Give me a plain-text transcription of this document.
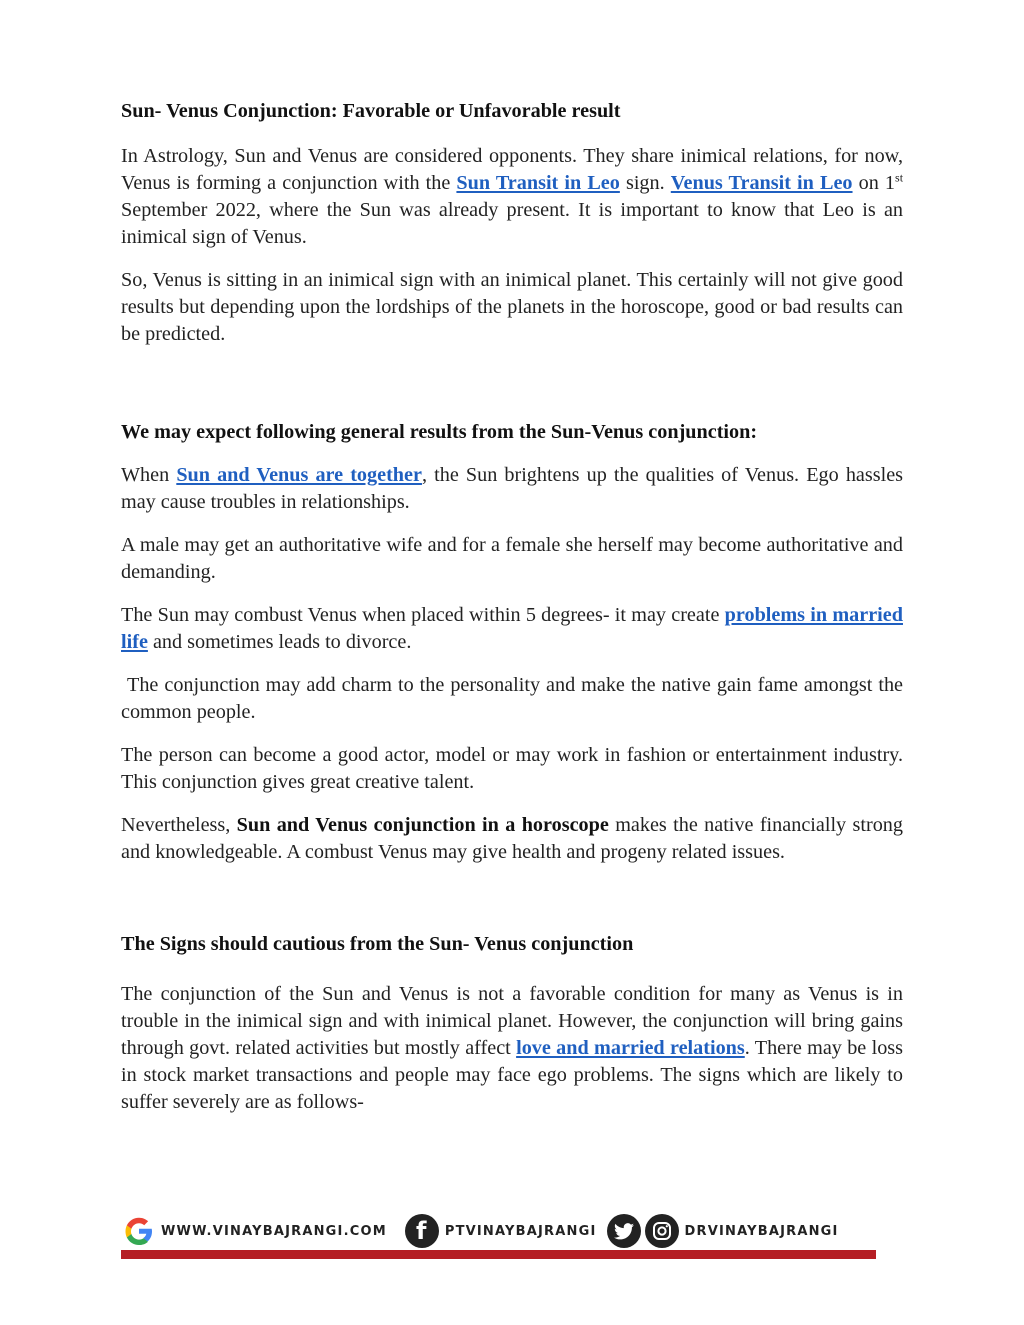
Sun- Venus Conjunction: Favorable or Unfavorable result

In Astrology, Sun and Venus are considered opponents. They share inimical relations, for now, Venus is forming a conjunction with the Sun Transit in Leo sign. Venus Transit in Leo on 1st September 2022, where the Sun was already present. It is important to know that Leo is an inimical sign of Venus.

So, Venus is sitting in an inimical sign with an inimical planet. This certainly will not give good results but depending upon the lordships of the planets in the horoscope, good or bad results can be predicted.

We may expect following general results from the Sun-Venus conjunction:

When Sun and Venus are together, the Sun brightens up the qualities of Venus. Ego hassles may cause troubles in relationships.

A male may get an authoritative wife and for a female she herself may become authoritative and demanding.

The Sun may combust Venus when placed within 5 degrees- it may create problems in married life and sometimes leads to divorce.

The conjunction may add charm to the personality and make the native gain fame amongst the common people.

The person can become a good actor, model or may work in fashion or entertainment industry. This conjunction gives great creative talent.

Nevertheless, Sun and Venus conjunction in a horoscope makes the native financially strong and knowledgeable. A combust Venus may give health and progeny related issues.

The Signs should cautious from the Sun- Venus conjunction

The conjunction of the Sun and Venus is not a favorable condition for many as Venus is in trouble in the inimical sign and with inimical planet. However, the conjunction will bring gains through govt. related activities but mostly affect love and married relations. There may be loss in stock market transactions and people may face ego problems. The signs which are likely to suffer severely are as follows-

WWW.VINAYBAJRANGI.COM	f	PTVINAYBAJRANGI	DRVINAYBAJRANGI
